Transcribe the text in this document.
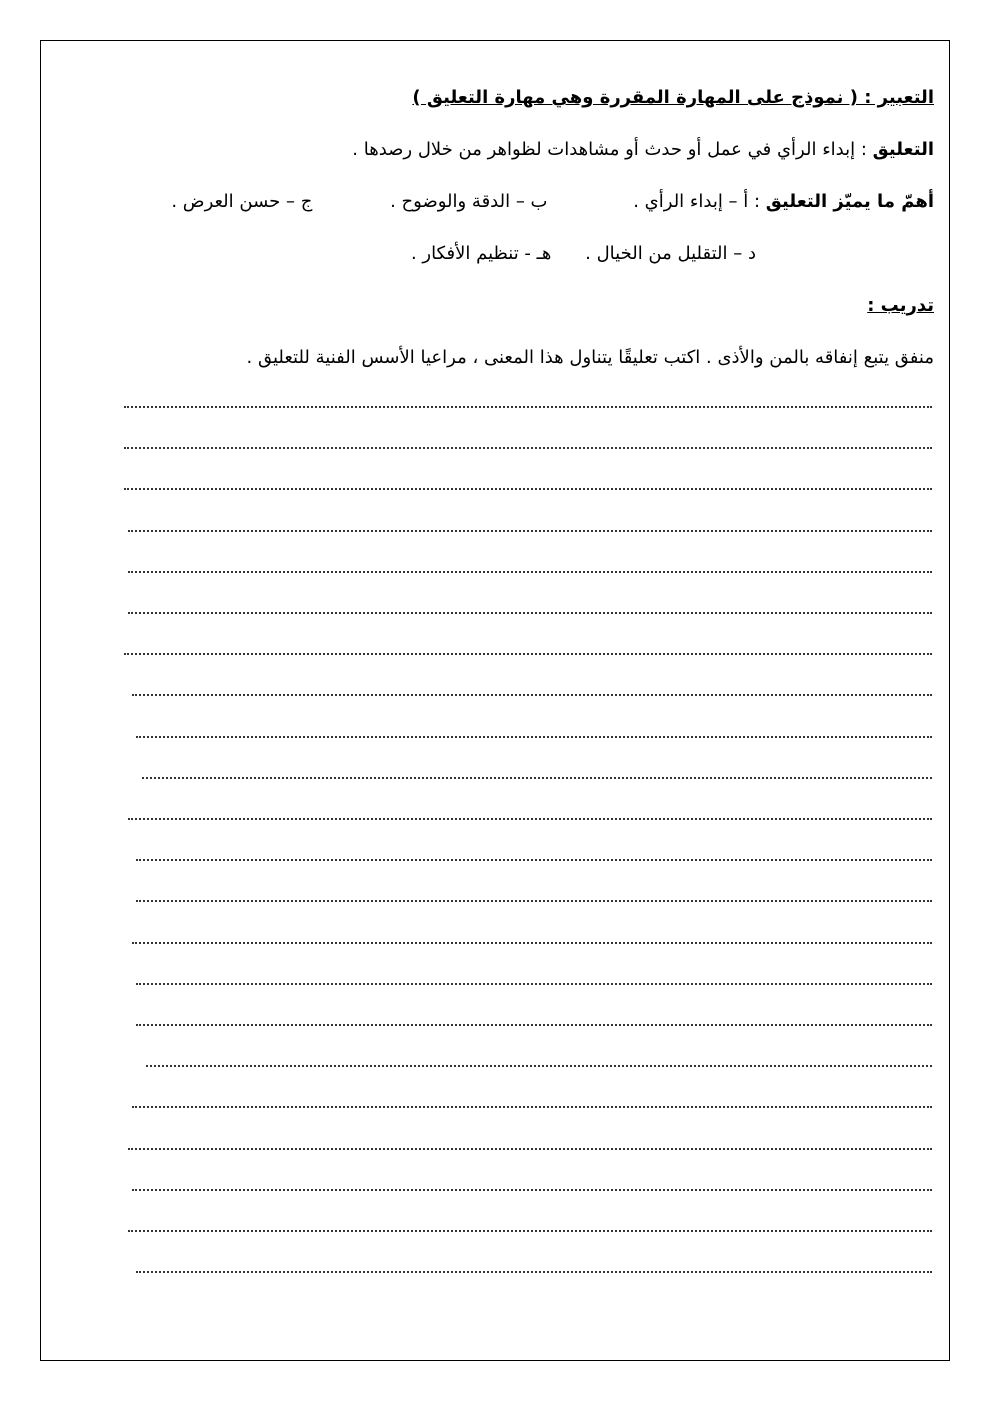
التعبير : ( نموذج على المهارة المقررة وهي مهارة التعليق )
التعليق : إبداء الرأي في عمل أو حدث أو مشاهدات لظواهر من خلال رصدها .
أهمّ ما يميّز التعليق : أ – إبداء الرأي . ب – الدقة والوضوح . ج – حسن العرض .
د – التقليل من الخيال . هـ - تنظيم الأفكار .
تدريب :
منفق يتبع إنفاقه بالمن والأذى . اكتب تعليقًا يتناول هذا المعنى ، مراعيا الأسس الفنية للتعليق .
